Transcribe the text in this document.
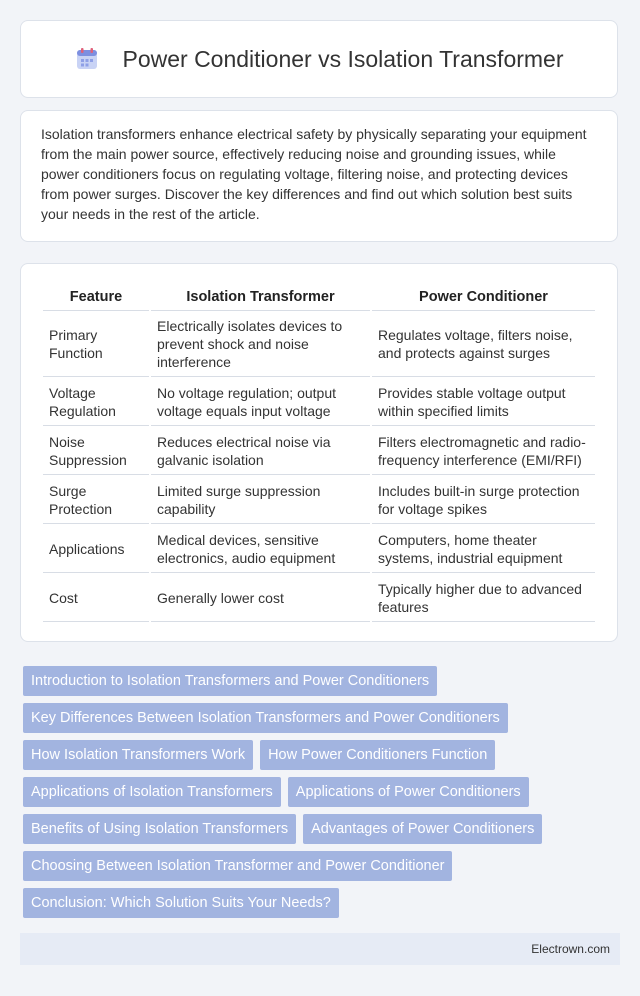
Power Conditioner vs Isolation Transformer

Isolation transformers enhance electrical safety by physically separating your equipment from the main power source, effectively reducing noise and grounding issues, while power conditioners focus on regulating voltage, filtering noise, and protecting devices from power surges. Discover the key differences and find out which solution best suits your needs in the rest of the article.

Feature	Isolation Transformer	Power Conditioner
Primary Function	Electrically isolates devices to prevent shock and noise interference	Regulates voltage, filters noise, and protects against surges
Voltage Regulation	No voltage regulation; output voltage equals input voltage	Provides stable voltage output within specified limits
Noise Suppression	Reduces electrical noise via galvanic isolation	Filters electromagnetic and radio-frequency interference (EMI/RFI)
Surge Protection	Limited surge suppression capability	Includes built-in surge protection for voltage spikes
Applications	Medical devices, sensitive electronics, audio equipment	Computers, home theater systems, industrial equipment
Cost	Generally lower cost	Typically higher due to advanced features
Introduction to Isolation Transformers and Power Conditioners
Key Differences Between Isolation Transformers and Power Conditioners
How Isolation Transformers Work How Power Conditioners Function
Applications of Isolation Transformers Applications of Power Conditioners
Benefits of Using Isolation Transformers Advantages of Power Conditioners
Choosing Between Isolation Transformer and Power Conditioner
Conclusion: Which Solution Suits Your Needs?
Electrown.com
